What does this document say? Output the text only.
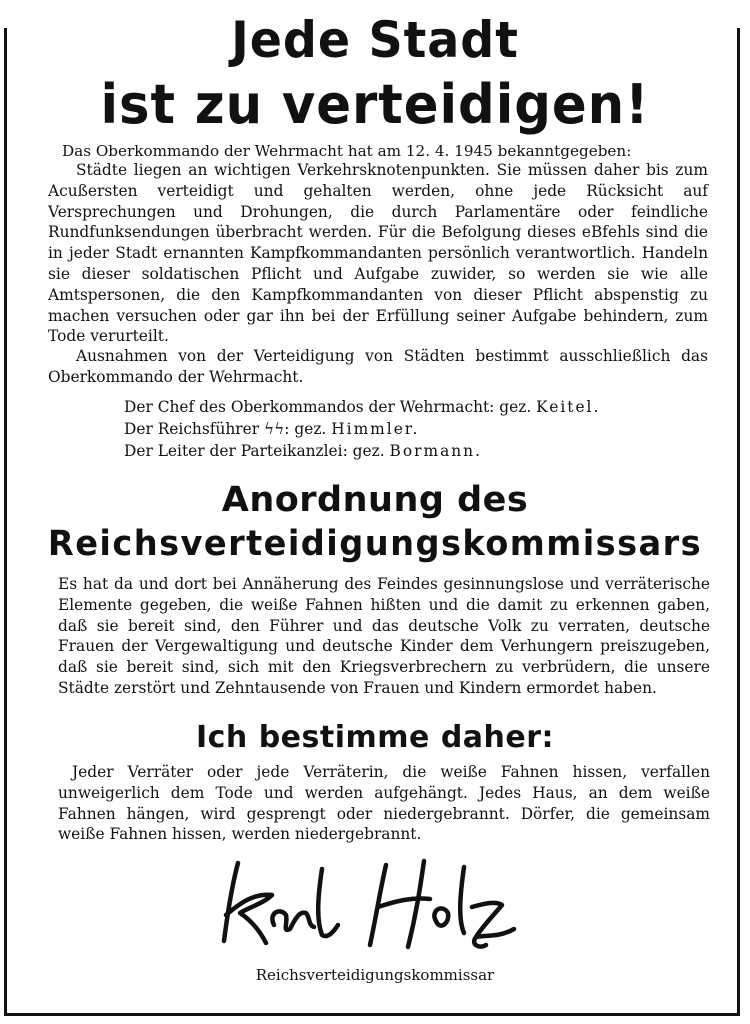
Jede Stadt
ist zu verteidigen!

Das Oberkommando der Wehrmacht hat am 12. 4. 1945 bekanntgegeben:

Städte liegen an wichtigen Verkehrsknotenpunkten. Sie müssen daher bis zum Acußersten verteidigt und gehalten werden, ohne jede Rücksicht auf Versprechungen und Drohungen, die durch Parlamentäre oder feindliche Rundfunksendungen überbracht werden. Für die Befolgung dieses eBfehls sind die in jeder Stadt ernannten Kampfkommandanten persönlich verantwortlich. Handeln sie dieser soldatischen Pflicht und Aufgabe zuwider, so werden sie wie alle Amtspersonen, die den Kampfkommandanten von dieser Pflicht abspenstig zu machen versuchen oder gar ihn bei der Erfüllung seiner Aufgabe behindern, zum Tode verurteilt.

Ausnahmen von der Verteidigung von Städten bestimmt ausschließlich das Oberkommando der Wehrmacht.

Der Chef des Oberkommandos der Wehrmacht: gez. Keitel.

Der Reichsführer ϟϟ: gez. Himmler.

Der Leiter der Parteikanzlei: gez. Bormann.

Anordnung des
Reichsverteidigungskommissars

Es hat da und dort bei Annäherung des Feindes gesinnungslose und verräterische Elemente gegeben, die weiße Fahnen hißten und die damit zu erkennen gaben, daß sie bereit sind, den Führer und das deutsche Volk zu verraten, deutsche Frauen der Vergewaltigung und deutsche Kinder dem Verhungern preiszugeben, daß sie bereit sind, sich mit den Kriegsverbrechern zu verbrüdern, die unsere Städte zerstört und Zehntausende von Frauen und Kindern ermordet haben.

Ich bestimme daher:

Jeder Verräter oder jede Verräterin, die weiße Fahnen hissen, verfallen unweigerlich dem Tode und werden aufgehängt. Jedes Haus, an dem weiße Fahnen hängen, wird gesprengt oder niedergebrannt. Dörfer, die gemeinsam weiße Fahnen hissen, werden niedergebrannt.

Reichsverteidigungskommissar
